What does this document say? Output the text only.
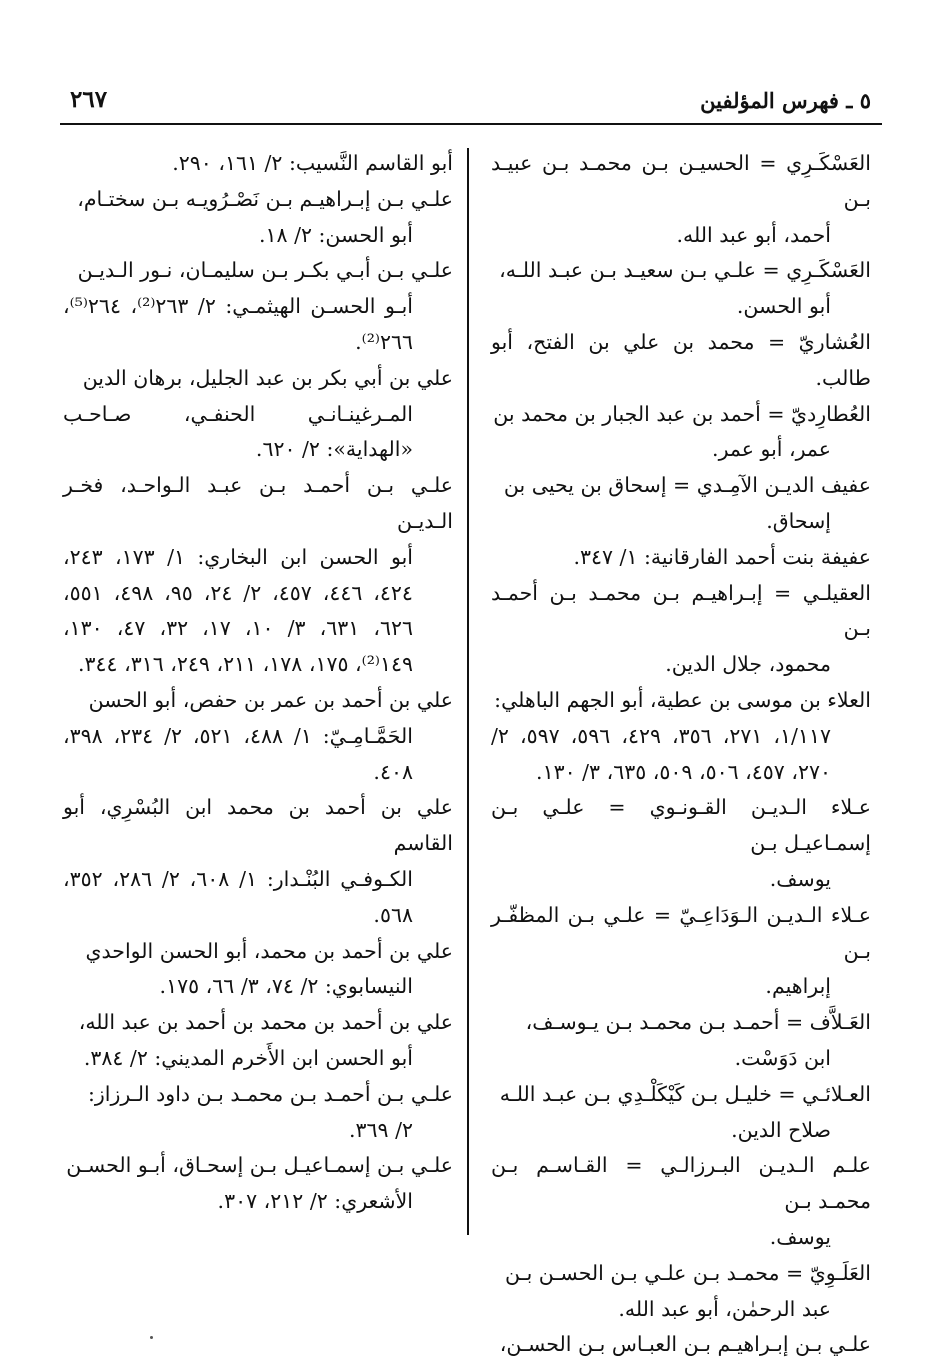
٥ ـ فهرس المؤلفين
٢٦٧

العَسْكَـرِي = الحسيـن بـن محمـد بـن عبيـد بـن
أحمد، أبو عبد الله.

العَسْكَـرِي = علـي بـن سعيـد بـن عبـد اللـه،
أبو الحسن.

العُشاريّ = محمد بن علي بن الفتح، أبو طالب.

العُطارِديّ = أحمد بن عبد الجبار بن محمد بن
عمر، أبو عمر.

عفيف الديـن الآمِـدي = إسحاق بن يحيى بن
إسحاق.

عفيفة بنت أحمد الفارقانية: ١/ ٣٤٧.

العقيلـي = إبـراهيـم بـن محمـد بـن أحمـد بـن
محمود، جلال الدين.

العلاء بن موسى بن عطية، أبو الجهم الباهلي:
١/١١٧، ٢٧١، ٣٥٦، ٤٢٩، ٥٩٦، ٥٩٧، ٢/ ٢٧٠، ٤٥٧، ٥٠٦، ٥٠٩، ٦٣٥، ٣/ ١٣٠.

عـلاء الـديـن القـونـوي = علـي بـن إسمـاعيـل بـن
يوسف.

عـلاء الـديـن الـوَدَاعِـيّ = علـي بـن المظفّـر بـن
إبراهيم.

العَـلاَّف = أحمـد بـن محمـد بـن يـوسـف،
ابن دَوَسْت.

العـلائـي = خليـل بـن كَيْكَلْـدِي بـن عبـد اللـه
صلاح الدين.

علـم الـديـن البـرزالـي = القـاسـم بـن محمـد بـن
يوسف.

العَلَـوِيّ = محمـد بـن علـي بـن الحسـن بـن
عبد الرحمٰن، أبو عبد الله.

علـي بـن إبـراهيـم بـن العبـاس بـن الحسـن،

أبو القاسم النَّسيب: ٢/ ١٦١، ٢٩٠.

علـي بـن إبـراهيـم بـن نَصْـرُويـه بـن سختـام،
أبو الحسن: ٢/ ١٨.

علـي بـن أبـي بكـر بـن سليمـان، نـور الـديـن
أبـو الحسـن الهيثمـي: ٢/ ٢٦٣⁽²⁾، ٢٦٤⁽⁵⁾، ٢٦٦⁽²⁾.

علي بن أبي بكر بن عبد الجليل، برهان الدين
المـرغينـانـي الحنفـي، صـاحـب «الهداية»: ٢/ ٦٢٠.

علـي بـن أحمـد بـن عبـد الـواحـد، فخـر الـديـن
أبو الحسن ابن البخاري: ١/ ١٧٣، ٢٤٣، ٤٢٤، ٤٤٦، ٤٥٧، ٢/ ٢٤، ٩٥، ٤٩٨، ٥٥١، ٦٢٦، ٦٣١، ٣/ ١٠، ١٧، ٣٢، ٤٧، ١٣٠، ١٤٩⁽²⁾، ١٧٥، ١٧٨، ٢١١، ٢٤٩، ٣١٦، ٣٤٤.

علي بن أحمد بن عمر بن حفص، أبو الحسن
الحَمَّـامِـيّ: ١/ ٤٨٨، ٥٢١، ٢/ ٢٣٤، ٣٩٨، ٤٠٨.

علي بن أحمد بن محمد ابن البُسْرِي، أبو القاسم
الكـوفـي البُنْـدار: ١/ ٦٠٨، ٢/ ٢٨٦، ٣٥٢، ٥٦٨.

علي بن أحمد بن محمد، أبو الحسن الواحدي
النيسابوي: ٢/ ٧٤، ٣/ ٦٦، ١٧٥.

علي بن أحمد بن محمد بن أحمد بن عبد الله،
أبو الحسن ابن الأَخرم المديني: ٢/ ٣٨٤.

علـي بـن أحمـد بـن محمـد بـن داود الـرزاز:
٢/ ٣٦٩.

علـي بـن إسمـاعيـل بـن إسحـاق، أبـو الحسـن
الأشعري: ٢/ ٢١٢، ٣٠٧.
